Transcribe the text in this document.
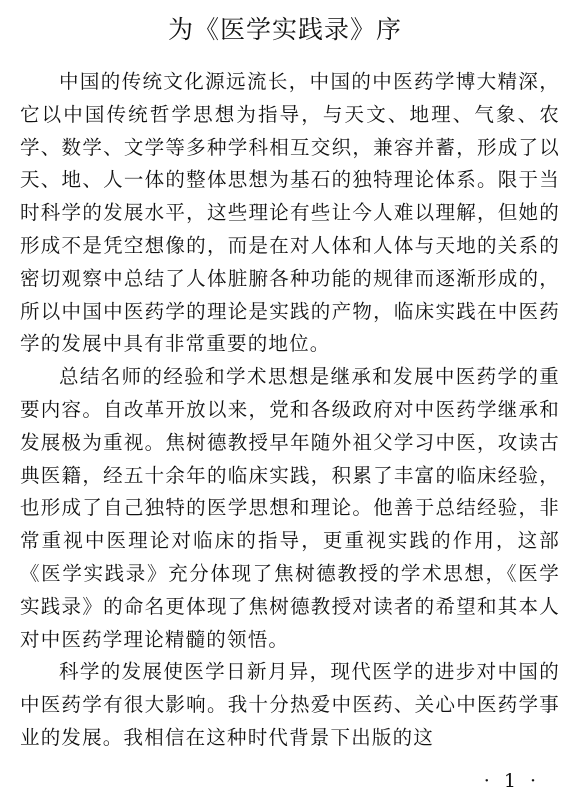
为《医学实践录》序

中国的传统文化源远流长，中国的中医药学博大精深，它以中国传统哲学思想为指导，与天文、地理、气象、农学、数学、文学等多种学科相互交织，兼容并蓄，形成了以天、地、人一体的整体思想为基石的独特理论体系。限于当时科学的发展水平，这些理论有些让今人难以理解，但她的形成不是凭空想像的，而是在对人体和人体与天地的关系的密切观察中总结了人体脏腑各种功能的规律而逐渐形成的，所以中国中医药学的理论是实践的产物，临床实践在中医药学的发展中具有非常重要的地位。

总结名师的经验和学术思想是继承和发展中医药学的重要内容。自改革开放以来，党和各级政府对中医药学继承和发展极为重视。焦树德教授早年随外祖父学习中医，攻读古典医籍，经五十余年的临床实践，积累了丰富的临床经验，也形成了自己独特的医学思想和理论。他善于总结经验，非常重视中医理论对临床的指导，更重视实践的作用，这部《医学实践录》充分体现了焦树德教授的学术思想，《医学实践录》的命名更体现了焦树德教授对读者的希望和其本人对中医药学理论精髓的领悟。

科学的发展使医学日新月异，现代医学的进步对中国的中医药学有很大影响。我十分热爱中医药、关心中医药学事业的发展。我相信在这种时代背景下出版的这

· 1 ·
